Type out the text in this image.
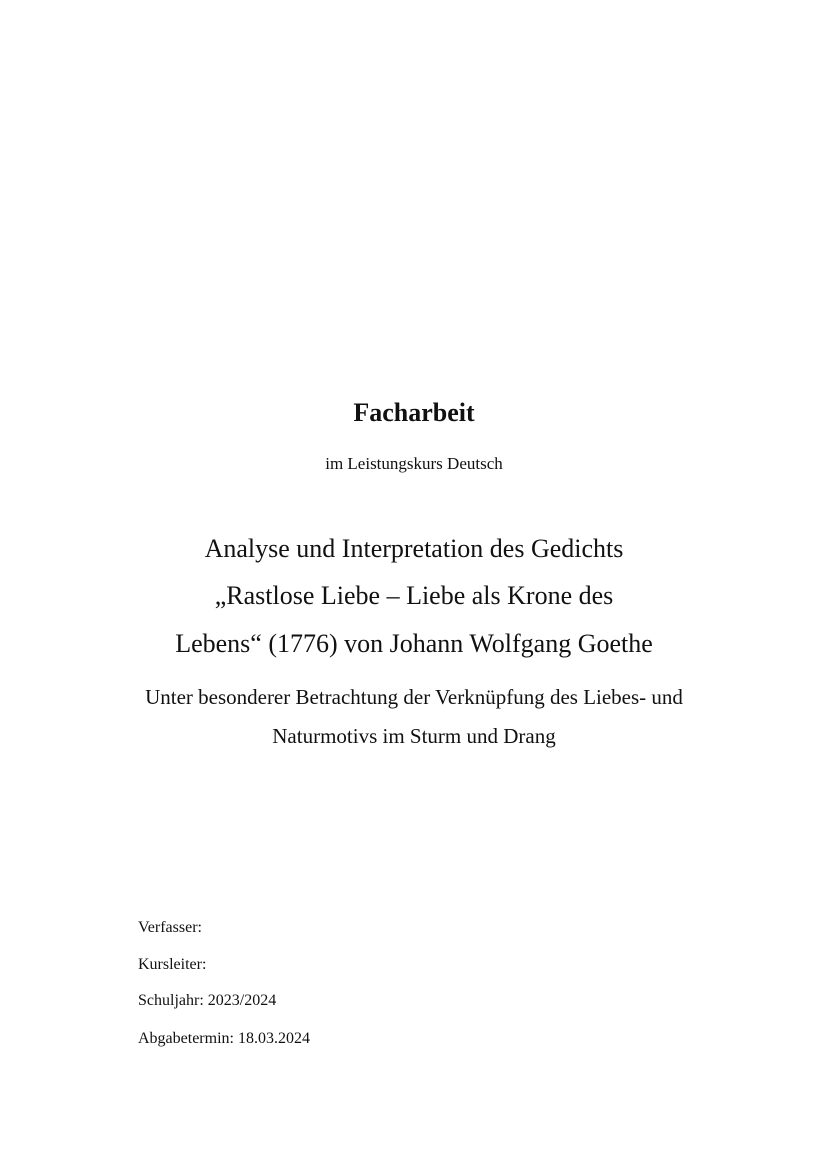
Facharbeit
im Leistungskurs Deutsch
Analyse und Interpretation des Gedichts
„Rastlose Liebe – Liebe als Krone des
Lebens“ (1776) von Johann Wolfgang Goethe
Unter besonderer Betrachtung der Verknüpfung des Liebes- und
Naturmotivs im Sturm und Drang
Verfasser:
Kursleiter:
Schuljahr: 2023/2024
Abgabetermin: 18.03.2024
